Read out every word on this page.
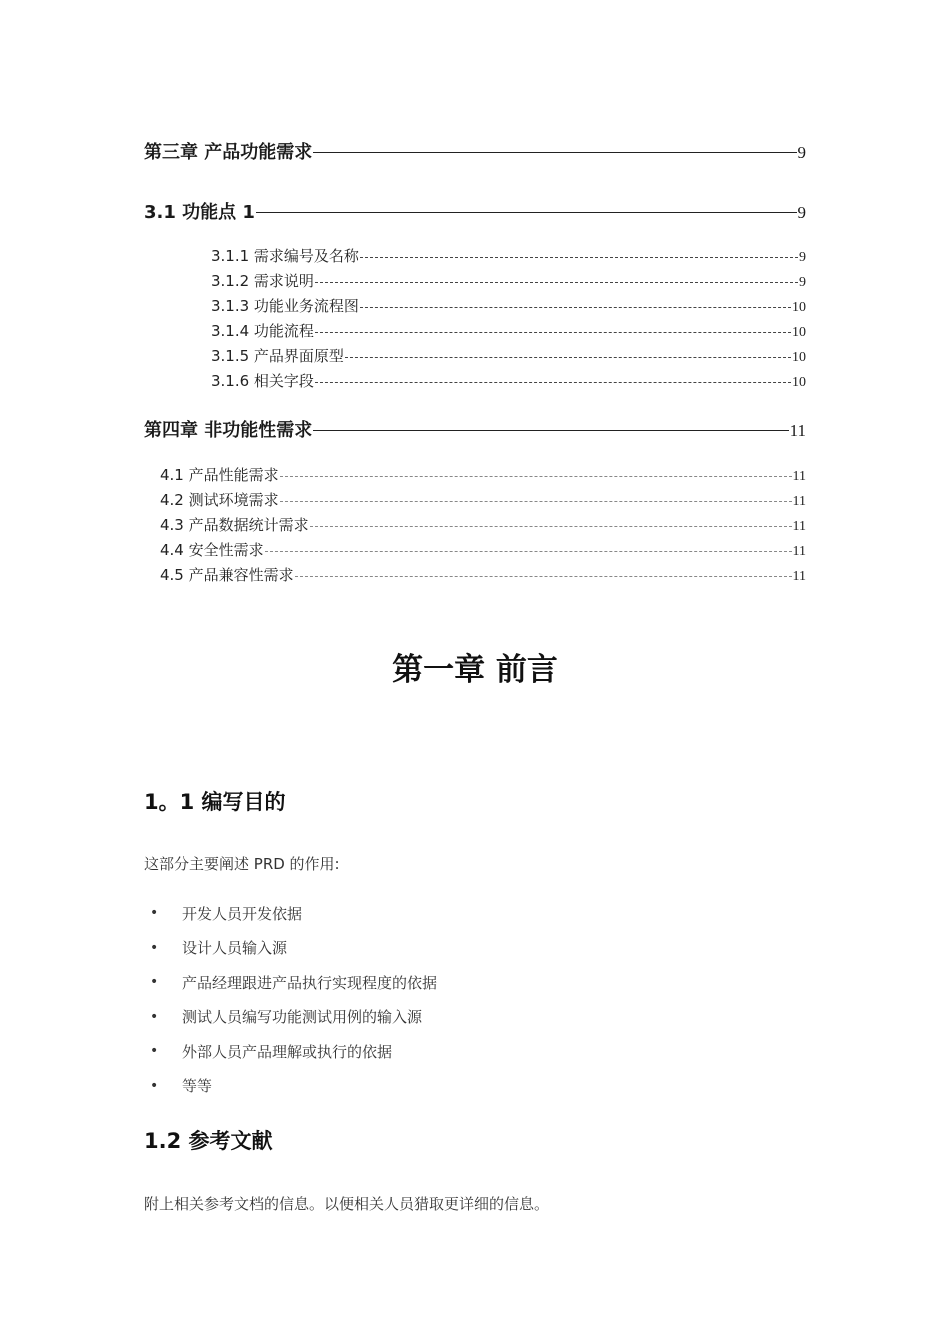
第三章 产品功能需求	9
3.1 功能点 1	9
3.1.1 需求编号及名称	9
3.1.2 需求说明	9
3.1.3 功能业务流程图	10
3.1.4 功能流程	10
3.1.5 产品界面原型	10
3.1.6 相关字段	10
第四章 非功能性需求	11
4.1 产品性能需求	11
4.2 测试环境需求	11
4.3 产品数据统计需求	11
4.4 安全性需求	11
4.5 产品兼容性需求	11
第一章 前言
1。1 编写目的
这部分主要阐述 PRD 的作用:
•	开发人员开发依据
•	设计人员输入源
•	产品经理跟进产品执行实现程度的依据
•	测试人员编写功能测试用例的输入源
•	外部人员产品理解或执行的依据
•	等等
1.2 参考文献
附上相关参考文档的信息。以便相关人员猎取更详细的信息。
